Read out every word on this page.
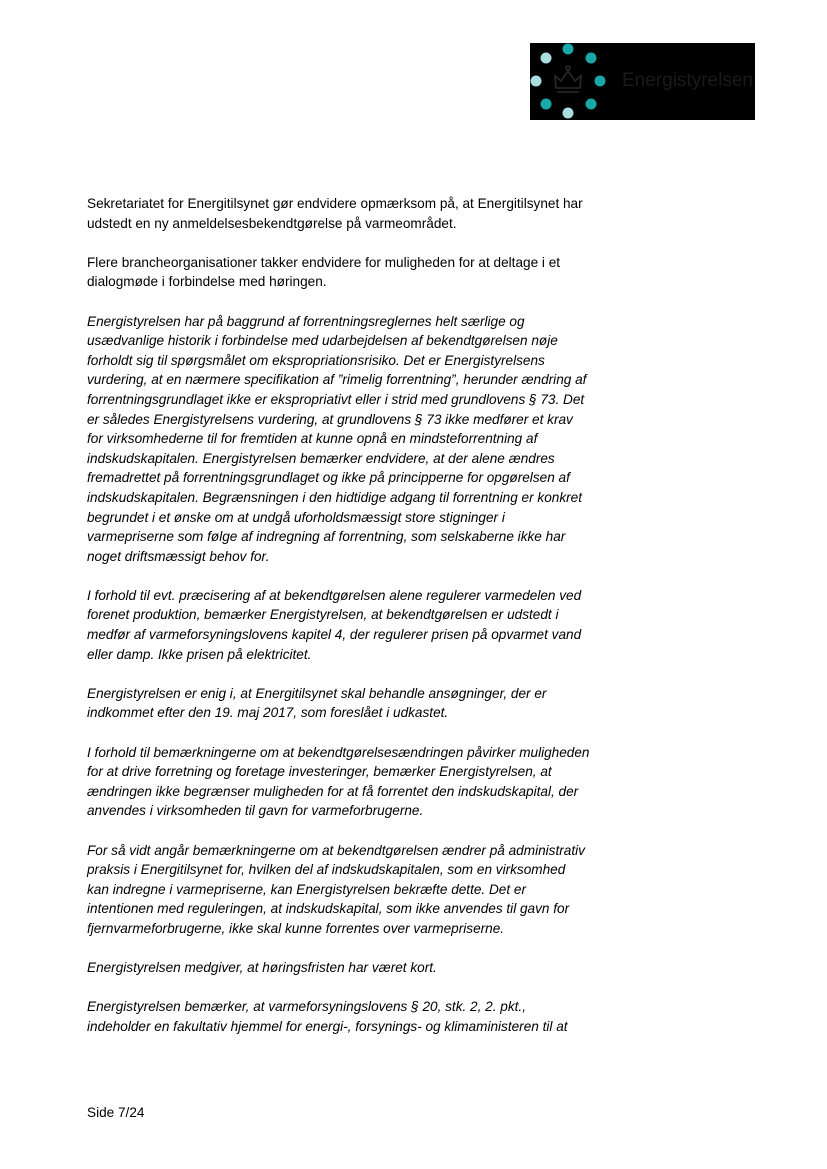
Energistyrelsen

Sekretariatet for Energitilsynet gør endvidere opmærksom på, at Energitilsynet har
udstedt en ny anmeldelsesbekendtgørelse på varmeområdet.

Flere brancheorganisationer takker endvidere for muligheden for at deltage i et
dialogmøde i forbindelse med høringen.

Energistyrelsen har på baggrund af forrentningsreglernes helt særlige og
usædvanlige historik i forbindelse med udarbejdelsen af bekendtgørelsen nøje
forholdt sig til spørgsmålet om ekspropriationsrisiko. Det er Energistyrelsens
vurdering, at en nærmere specifikation af ”rimelig forrentning”, herunder ændring af
forrentningsgrundlaget ikke er ekspropriativt eller i strid med grundlovens § 73. Det
er således Energistyrelsens vurdering, at grundlovens § 73 ikke medfører et krav
for virksomhederne til for fremtiden at kunne opnå en mindsteforrentning af
indskudskapitalen. Energistyrelsen bemærker endvidere, at der alene ændres
fremadrettet på forrentningsgrundlaget og ikke på principperne for opgørelsen af
indskudskapitalen. Begrænsningen i den hidtidige adgang til forrentning er konkret
begrundet i et ønske om at undgå uforholdsmæssigt store stigninger i
varmepriserne som følge af indregning af forrentning, som selskaberne ikke har
noget driftsmæssigt behov for.

I forhold til evt. præcisering af at bekendtgørelsen alene regulerer varmedelen ved
forenet produktion, bemærker Energistyrelsen, at bekendtgørelsen er udstedt i
medfør af varmeforsyningslovens kapitel 4, der regulerer prisen på opvarmet vand
eller damp. Ikke prisen på elektricitet.

Energistyrelsen er enig i, at Energitilsynet skal behandle ansøgninger, der er
indkommet efter den 19. maj 2017, som foreslået i udkastet.

I forhold til bemærkningerne om at bekendtgørelsesændringen påvirker muligheden
for at drive forretning og foretage investeringer, bemærker Energistyrelsen, at
ændringen ikke begrænser muligheden for at få forrentet den indskudskapital, der
anvendes i virksomheden til gavn for varmeforbrugerne.

For så vidt angår bemærkningerne om at bekendtgørelsen ændrer på administrativ
praksis i Energitilsynet for, hvilken del af indskudskapitalen, som en virksomhed
kan indregne i varmepriserne, kan Energistyrelsen bekræfte dette. Det er
intentionen med reguleringen, at indskudskapital, som ikke anvendes til gavn for
fjernvarmeforbrugerne, ikke skal kunne forrentes over varmepriserne.

Energistyrelsen medgiver, at høringsfristen har været kort.

Energistyrelsen bemærker, at varmeforsyningslovens § 20, stk. 2, 2. pkt.,
indeholder en fakultativ hjemmel for energi-, forsynings- og klimaministeren til at

Side 7/24
